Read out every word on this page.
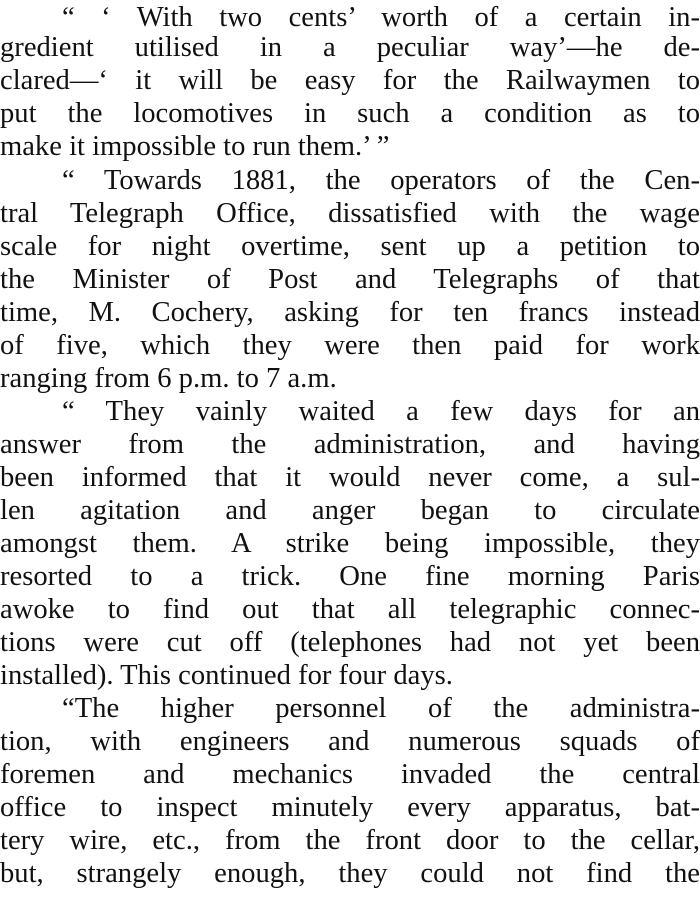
“ ‘ With two cents’ worth of a certain in-
gredient utilised in a peculiar way’—he de-
clared—‘ it will be easy for the Railwaymen to
put the locomotives in such a condition as to
make it impossible to run them.’ ”
“ Towards 1881, the operators of the Cen-
tral Telegraph Office, dissatisfied with the wage
scale for night overtime, sent up a petition to
the Minister of Post and Telegraphs of that
time, M. Cochery, asking for ten francs instead
of five, which they were then paid for work
ranging from 6 p.m. to 7 a.m.
“ They vainly waited a few days for an
answer from the administration, and having
been informed that it would never come, a sul-
len agitation and anger began to circulate
amongst them. A strike being impossible, they
resorted to a trick. One fine morning Paris
awoke to find out that all telegraphic connec-
tions were cut off (telephones had not yet been
installed). This continued for four days.
“The higher personnel of the administra-
tion, with engineers and numerous squads of
foremen and mechanics invaded the central
office to inspect minutely every apparatus, bat-
tery wire, etc., from the front door to the cellar,
but, strangely enough, they could not find the
